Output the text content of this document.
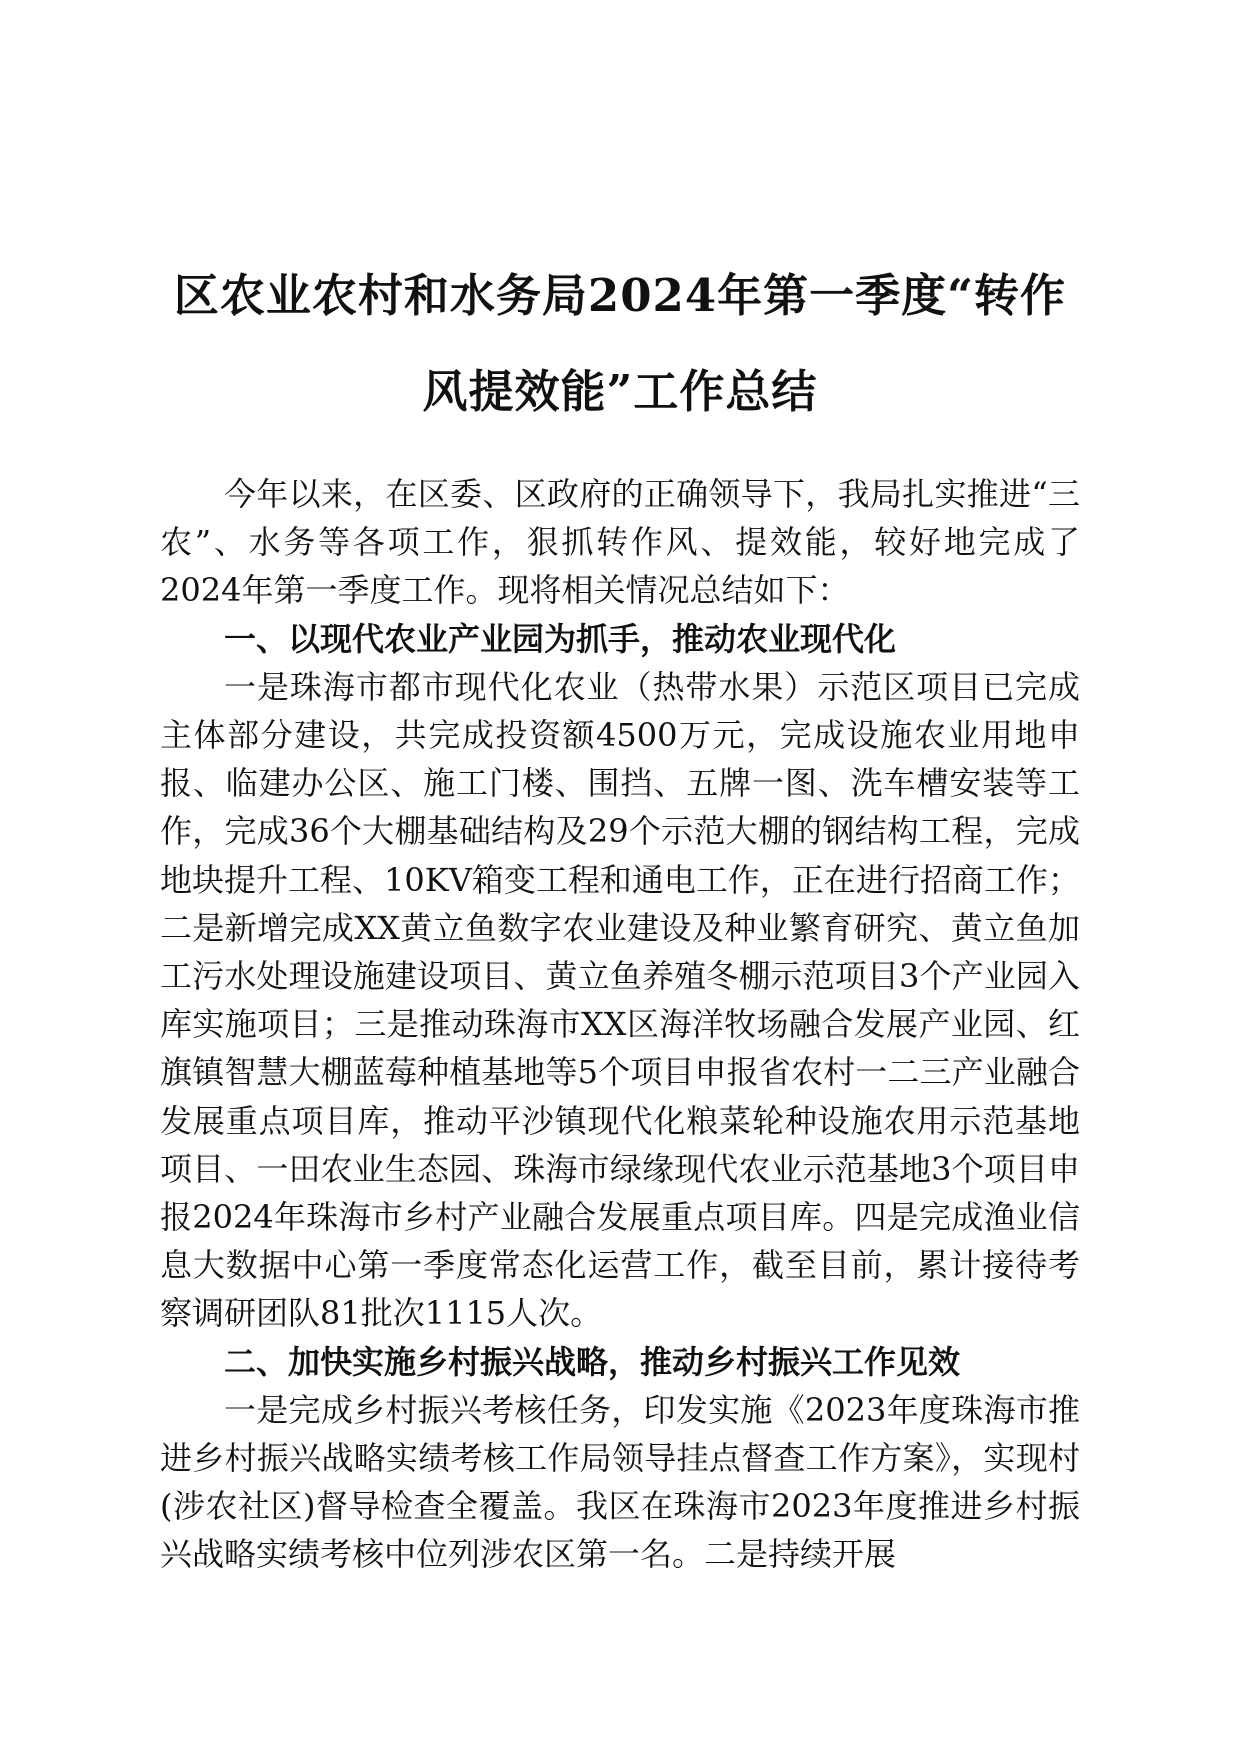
区农业农村和水务局2024年第一季度“转作
风提效能”工作总结

今年以来，在区委、区政府的正确领导下，我局扎实推进“三农”、水务等各项工作，狠抓转作风、提效能，较好地完成了2024年第一季度工作。现将相关情况总结如下：

一、以现代农业产业园为抓手，推动农业现代化

一是珠海市都市现代化农业（热带水果）示范区项目已完成主体部分建设，共完成投资额4500万元，完成设施农业用地申报、临建办公区、施工门楼、围挡、五牌一图、洗车槽安装等工作，完成36个大棚基础结构及29个示范大棚的钢结构工程，完成地块提升工程、10KV箱变工程和通电工作，正在进行招商工作；二是新增完成XX黄立鱼数字农业建设及种业繁育研究、黄立鱼加工污水处理设施建设项目、黄立鱼养殖冬棚示范项目3个产业园入库实施项目；三是推动珠海市XX区海洋牧场融合发展产业园、红旗镇智慧大棚蓝莓种植基地等5个项目申报省农村一二三产业融合发展重点项目库，推动平沙镇现代化粮菜轮种设施农用示范基地项目、一田农业生态园、珠海市绿缘现代农业示范基地3个项目申报2024年珠海市乡村产业融合发展重点项目库。四是完成渔业信息大数据中心第一季度常态化运营工作，截至目前，累计接待考察调研团队81批次1115人次。

二、加快实施乡村振兴战略，推动乡村振兴工作见效

一是完成乡村振兴考核任务，印发实施《2023年度珠海市推进乡村振兴战略实绩考核工作局领导挂点督查工作方案》，实现村(涉农社区)督导检查全覆盖。我区在珠海市2023年度推进乡村振兴战略实绩考核中位列涉农区第一名。二是持续开展
